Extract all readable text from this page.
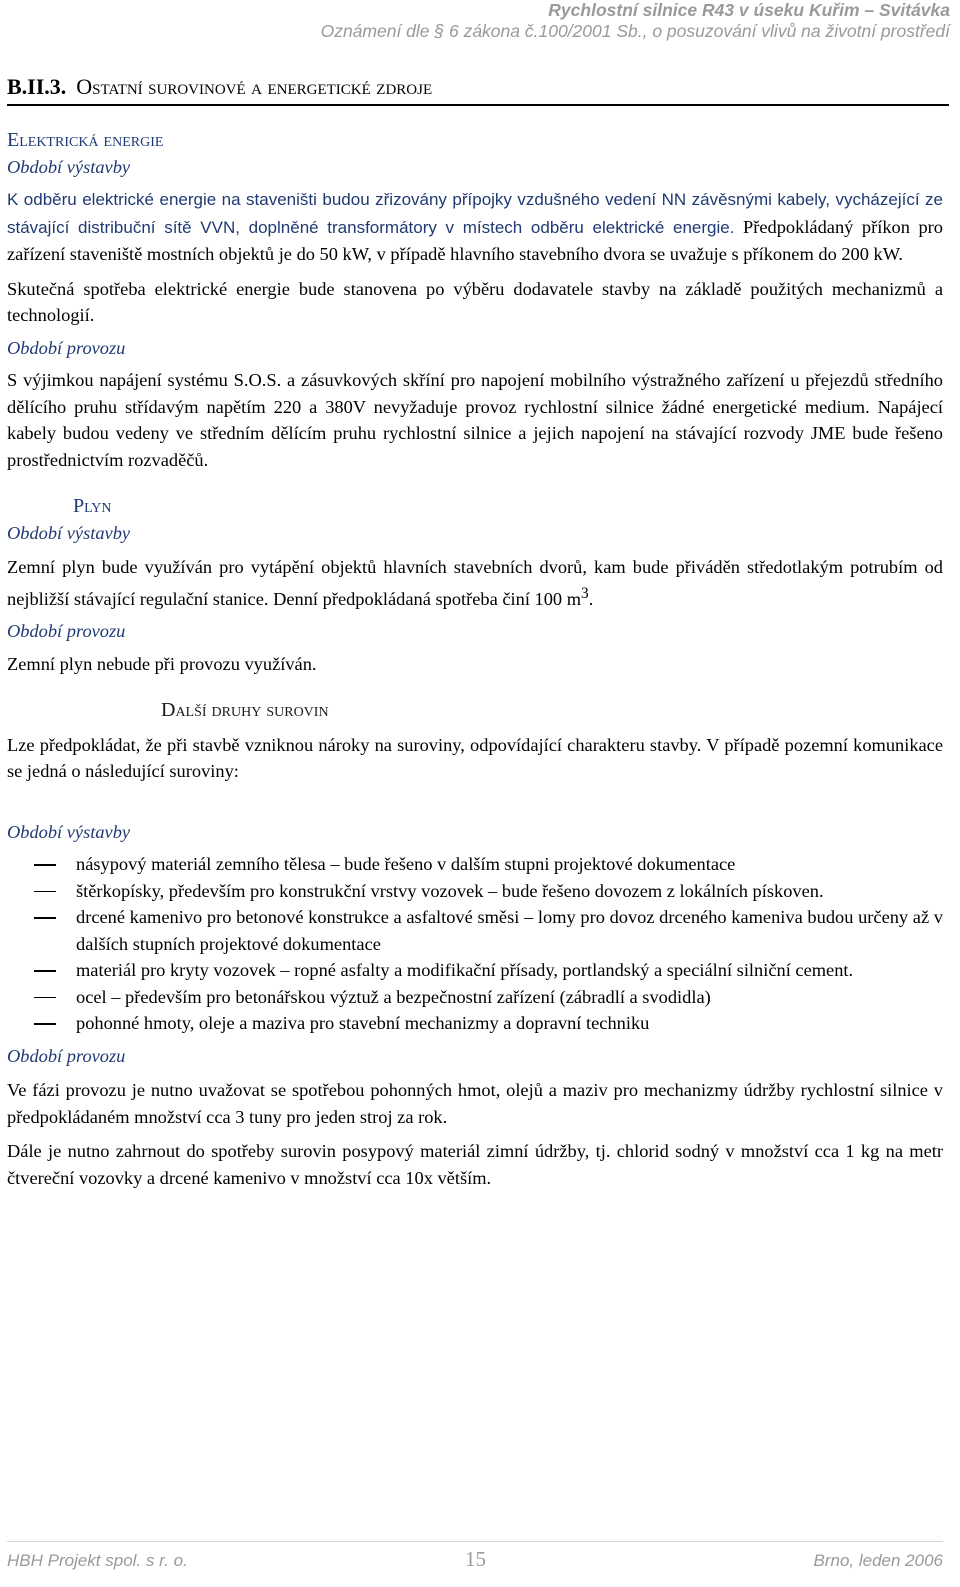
Rychlostní silnice R43 v úseku Kuřim – Svitávka
Oznámení dle § 6 zákona č.100/2001 Sb., o posuzování vlivů na životní prostředí
B.II.3. Ostatní surovinové a energetické zdroje
Elektrická energie
Období výstavby

K odběru elektrické energie na staveništi budou zřizovány přípojky vzdušného vedení NN závěsnými kabely, vycházející ze stávající distribuční sítě VVN, doplněné transformátory v místech odběru elektrické energie. Předpokládaný příkon pro zařízení staveniště mostních objektů je do 50 kW, v případě hlavního stavebního dvora se uvažuje s příkonem do 200 kW.

Skutečná spotřeba elektrické energie bude stanovena po výběru dodavatele stavby na základě použitých mechanizmů a technologií.

Období provozu

S výjimkou napájení systému S.O.S. a zásuvkových skříní pro napojení mobilního výstražného zařízení u přejezdů středního dělícího pruhu střídavým napětím 220 a 380V nevyžaduje provoz rychlostní silnice žádné energetické medium. Napájecí kabely budou vedeny ve středním dělícím pruhu rychlostní silnice a jejich napojení na stávající rozvody JME bude řešeno prostřednictvím rozvaděčů.

Plyn
Období výstavby

Zemní plyn bude využíván pro vytápění objektů hlavních stavebních dvorů, kam bude přiváděn středotlakým potrubím od nejbližší stávající regulační stanice. Denní předpokládaná spotřeba činí 100 $m^3$.

Období provozu

Zemní plyn nebude při provozu využíván.

Další druhy surovin

Lze předpokládat, že při stavbě vzniknou nároky na suroviny, odpovídající charakteru stavby. V případě pozemní komunikace se jedná o následující suroviny:

Období výstavby
násypový materiál zemního tělesa – bude řešeno v dalším stupni projektové dokumentace
štěrkopísky, především pro konstrukční vrstvy vozovek – bude řešeno dovozem z lokálních pískoven.
drcené kamenivo pro betonové konstrukce a asfaltové směsi – lomy pro dovoz drceného kameniva budou určeny až v dalších stupních projektové dokumentace
materiál pro kryty vozovek – ropné asfalty a modifikační přísady, portlandský a speciální silniční cement.
ocel – především pro betonářskou výztuž a bezpečnostní zařízení (zábradlí a svodidla)
pohonné hmoty, oleje a maziva pro stavební mechanizmy a dopravní techniku
Období provozu

Ve fázi provozu je nutno uvažovat se spotřebou pohonných hmot, olejů a maziv pro mechanizmy údržby rychlostní silnice v předpokládaném množství cca 3 tuny pro jeden stroj za rok.

Dále je nutno zahrnout do spotřeby surovin posypový materiál zimní údržby, tj. chlorid sodný v množství cca 1 kg na metr čtvereční vozovky a drcené kamenivo v množství cca 10x větším.

HBH Projekt spol. s r. o.	15	Brno, leden 2006
